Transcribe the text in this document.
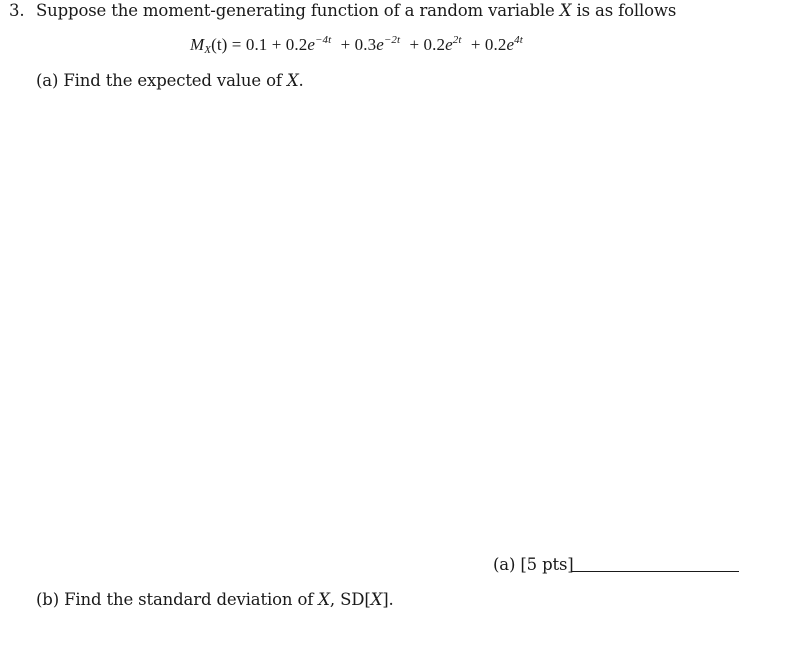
3. Suppose the moment-generating function of a random variable X is as follows
$M_X(t) = 0.1 + 0.2e^{-4t} + 0.3e^{-2t} + 0.2e^{2t} + 0.2e^{4t}$
(a) Find the expected value of X.
(a) [5 pts]
(b) Find the standard deviation of X, SD[X].
